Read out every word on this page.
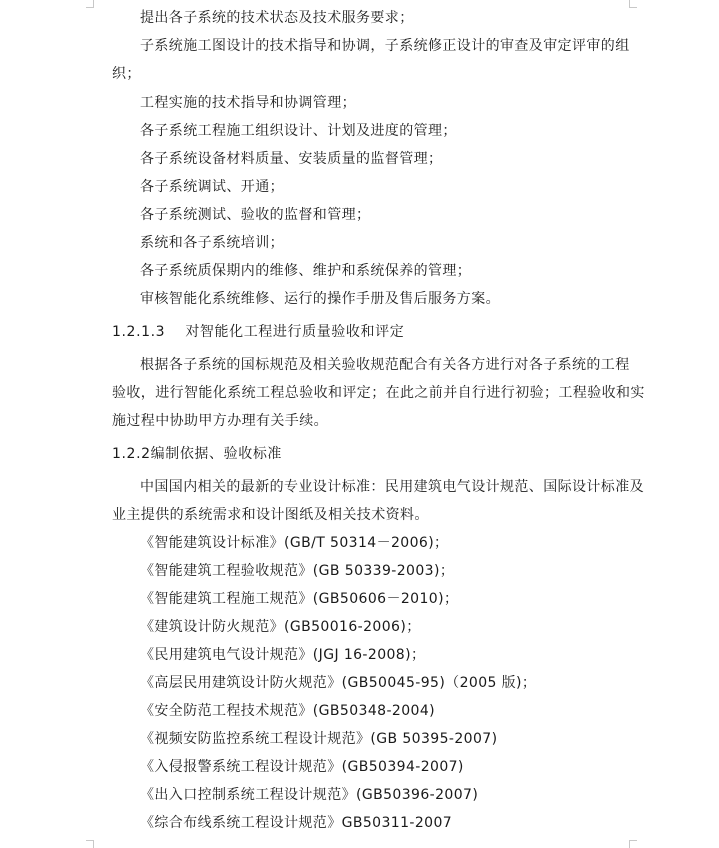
提出各子系统的技术状态及技术服务要求；
子系统施工图设计的技术指导和协调，子系统修正设计的审查及审定评审的组
织；
工程实施的技术指导和协调管理；
各子系统工程施工组织设计、计划及进度的管理；
各子系统设备材料质量、安装质量的监督管理；
各子系统调试、开通；
各子系统测试、验收的监督和管理；
系统和各子系统培训；
各子系统质保期内的维修、维护和系统保养的管理；
审核智能化系统维修、运行的操作手册及售后服务方案。
1.2.1.3 对智能化工程进行质量验收和评定
根据各子系统的国标规范及相关验收规范配合有关各方进行对各子系统的工程
验收，进行智能化系统工程总验收和评定；在此之前并自行进行初验；工程验收和实
施过程中协助甲方办理有关手续。
1.2.2编制依据、验收标准
中国国内相关的最新的专业设计标准：民用建筑电气设计规范、国际设计标准及
业主提供的系统需求和设计图纸及相关技术资料。
《智能建筑设计标准》(GB/T 50314－2006)；
《智能建筑工程验收规范》(GB 50339-2003)；
《智能建筑工程施工规范》(GB50606－2010)；
《建筑设计防火规范》(GB50016-2006)；
《民用建筑电气设计规范》(JGJ 16-2008)；
《高层民用建筑设计防火规范》(GB50045-95)（2005 版)；
《安全防范工程技术规范》(GB50348-2004)
《视频安防监控系统工程设计规范》(GB 50395-2007)
《入侵报警系统工程设计规范》(GB50394-2007)
《出入口控制系统工程设计规范》(GB50396-2007)
《综合布线系统工程设计规范》GB50311-2007
